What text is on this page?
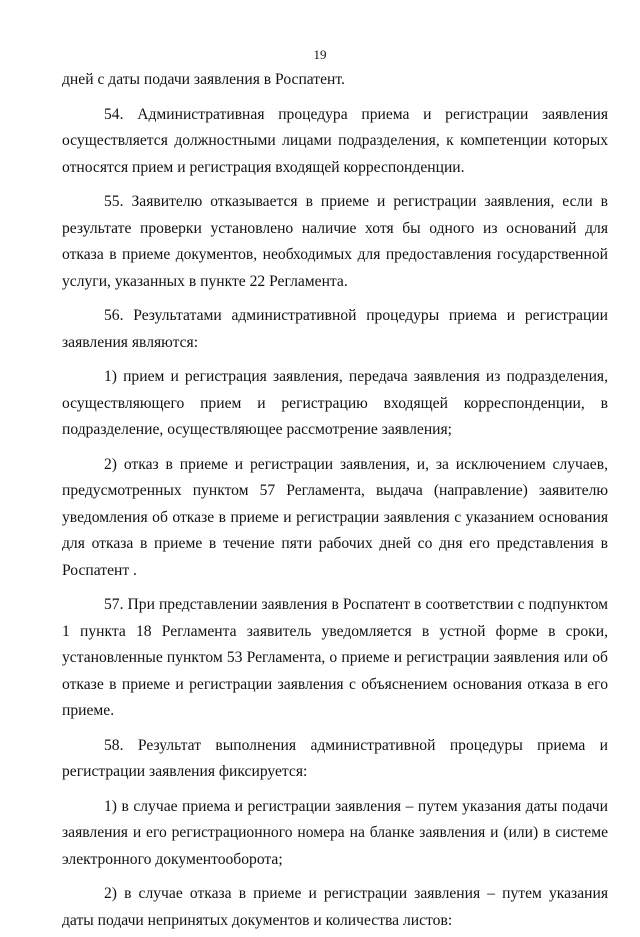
19

дней с даты подачи заявления в Роспатент.

54. Административная процедура приема и регистрации заявления осуществляется должностными лицами подразделения, к компетенции которых относятся прием и регистрация входящей корреспонденции.

55. Заявителю отказывается в приеме и регистрации заявления, если в результате проверки установлено наличие хотя бы одного из оснований для отказа в приеме документов, необходимых для предоставления государственной услуги, указанных в пункте 22 Регламента.

56. Результатами административной процедуры приема и регистрации заявления являются:

1) прием и регистрация заявления, передача заявления из подразделения, осуществляющего прием и регистрацию входящей корреспонденции, в подразделение, осуществляющее рассмотрение заявления;

2) отказ в приеме и регистрации заявления, и, за исключением случаев, предусмотренных пунктом 57 Регламента, выдача (направление) заявителю уведомления об отказе в приеме и регистрации заявления с указанием основания для отказа в приеме в течение пяти рабочих дней со дня его представления в Роспатент .

57. При представлении заявления в Роспатент в соответствии с подпунктом 1 пункта 18 Регламента заявитель уведомляется в устной форме в сроки, установленные пунктом 53 Регламента, о приеме и регистрации заявления или об отказе в приеме и регистрации заявления с объяснением основания отказа в его приеме.

58. Результат выполнения административной процедуры приема и регистрации заявления фиксируется:

1) в случае приема и регистрации заявления – путем указания даты подачи заявления и его регистрационного номера на бланке заявления и (или) в системе электронного документооборота;

2) в случае отказа в приеме и регистрации заявления – путем указания даты подачи непринятых документов и количества листов:
